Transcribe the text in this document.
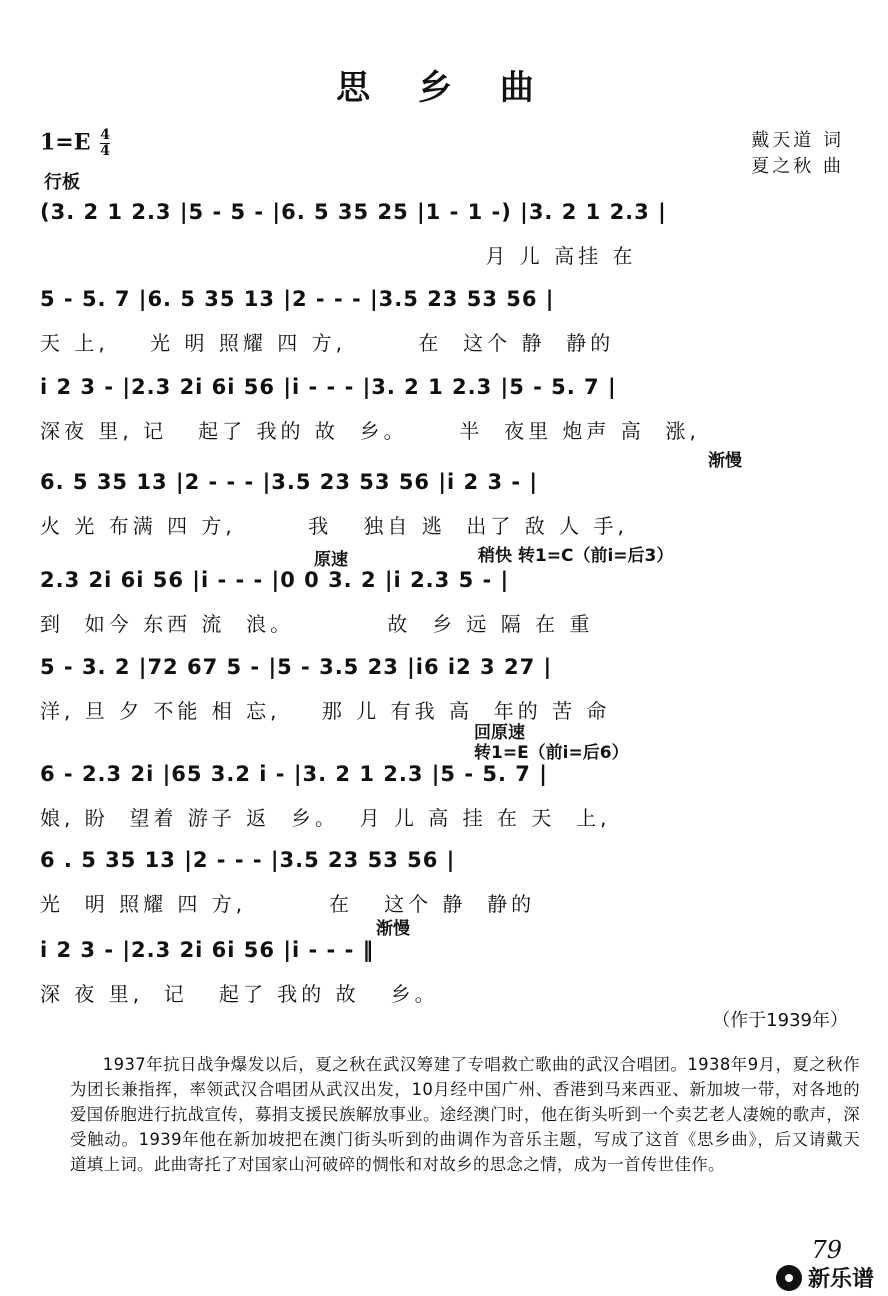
思 乡 曲
$1=E \frac{4}{4}$
行板
戴天道 词
夏之秋 曲
(3. 2 1 2.3 |5 - 5 - |6. 5 35 25 |1 - 1 -) |3. 2 1 2.3 |
月 儿 高挂 在
5 - 5. 7 |6. 5 35 13 |2 - - - |3.5 23 53 56 |
天 上,    光 明 照耀 四 方,       在  这个 静  静的
i 2 3 - |2.3 2i 6i 56 |i - - - |3. 2 1 2.3 |5 - 5. 7 |
深夜 里, 记   起了 我的 故  乡。     半  夜里 炮声 高  涨,
渐慢
6. 5 35 13 |2 - - - |3.5 23 53 56 |i 2 3 - |
火 光 布满 四 方,       我   独自 逃  出了 敌 人 手,
原速	稍快 转1=C（前i=后3）
2.3 2i 6i 56 |i - - - |0 0 3. 2 |i 2.3 5 - |
到  如今 东西 流  浪。         故  乡 远 隔 在 重
5 - 3. 2 |72 67 5 - |5 - 3.5 23 |i6 i2 3 27 |
洋, 旦 夕 不能 相 忘,    那 儿 有我 高  年的 苦 命
回原速
转1=E（前i=后6）
6 - 2.3 2i |65 3.2 i - |3. 2 1 2.3 |5 - 5. 7 |
娘, 盼  望着 游子 返  乡。  月 儿 高 挂 在 天  上,
6 . 5 35 13 |2 - - - |3.5 23 53 56 |
光  明 照耀 四 方,        在   这个 静  静的
渐慢
i 2 3 - |2.3 2i 6i 56 |i - - - ‖
深 夜 里,  记   起了 我的 故   乡。
（作于1939年）
1937年抗日战争爆发以后，夏之秋在武汉筹建了专唱救亡歌曲的武汉合唱团。1938年9月，夏之秋作为团长兼指挥，率领武汉合唱团从武汉出发，10月经中国广州、香港到马来西亚、新加坡一带，对各地的爱国侨胞进行抗战宣传，募捐支援民族解放事业。途经澳门时，他在街头听到一个卖艺老人凄婉的歌声，深受触动。1939年他在新加坡把在澳门街头听到的曲调作为音乐主题，写成了这首《思乡曲》，后又请戴天道填上词。此曲寄托了对国家山河破碎的惆怅和对故乡的思念之情，成为一首传世佳作。
79
新乐谱
